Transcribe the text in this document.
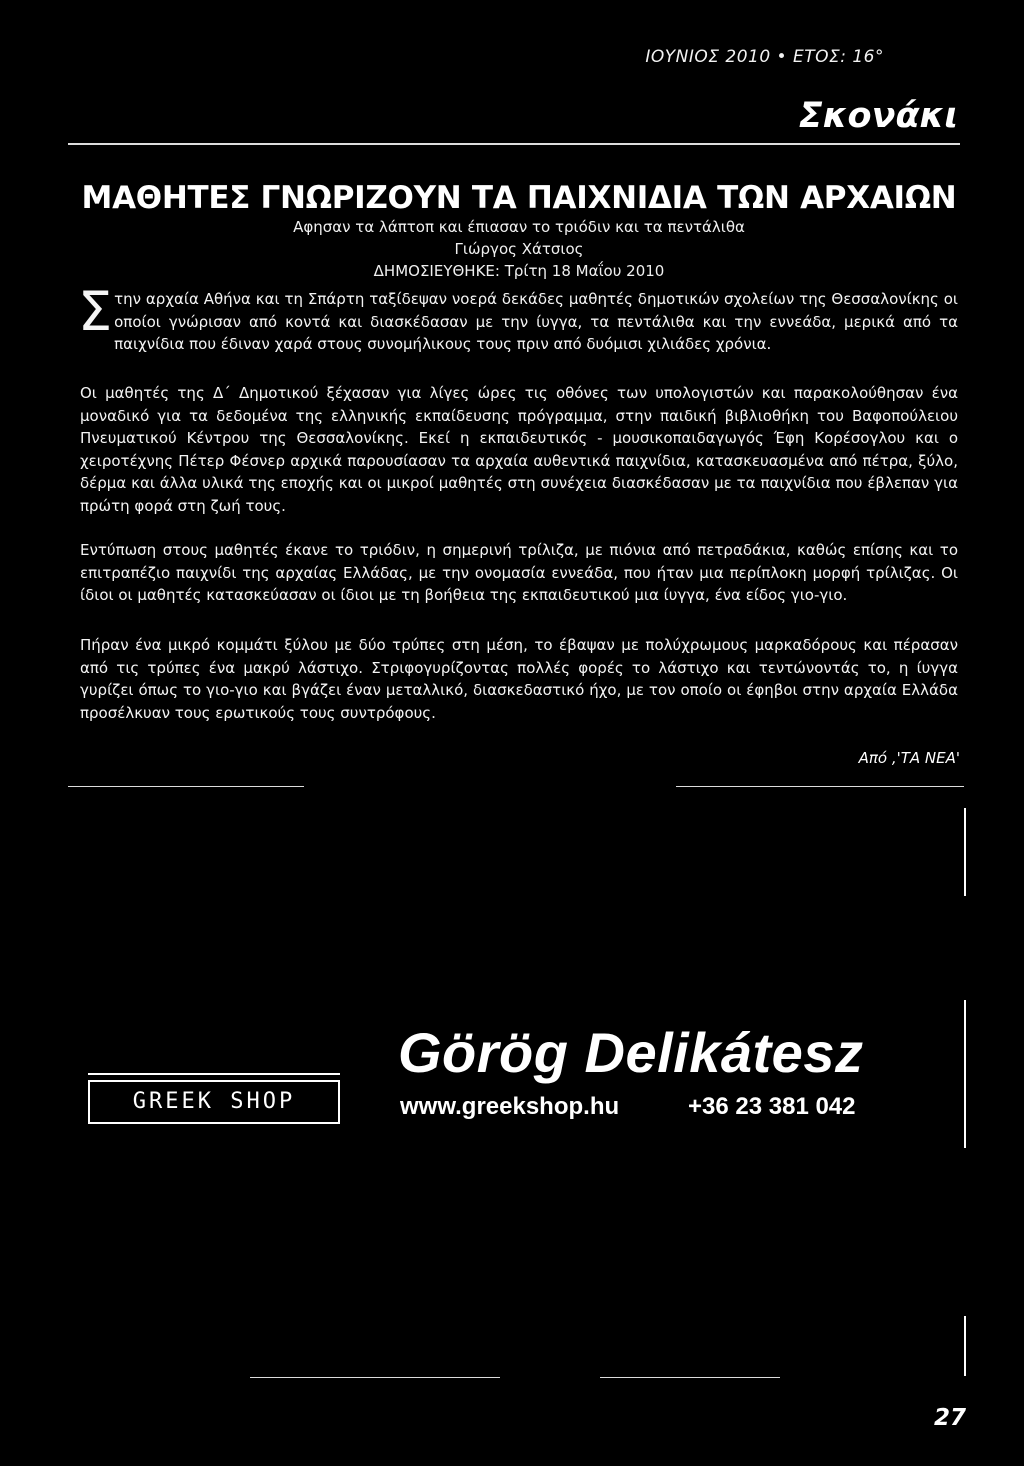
ΙΟΥΝΙΟΣ 2010 • ΕΤΟΣ: 16°
Σκονάκι
ΜΑΘΗΤΕΣ ΓΝΩΡΙΖΟΥΝ ΤΑ ΠΑΙΧΝΙΔΙΑ ΤΩΝ ΑΡΧΑΙΩΝ
Αφησαν τα λάπτοπ και έπιασαν το τριόδιν και τα πεντάλιθα
Γιώργος Χάτσιος
ΔΗΜΟΣΙΕΥΘΗΚΕ: Τρίτη 18 Μαΐου 2010
Στην αρχαία Αθήνα και τη Σπάρτη ταξίδεψαν νοερά δεκάδες μαθητές δημοτικών σχολείων της Θεσσαλονίκης οι οποίοι γνώρισαν από κοντά και διασκέδασαν με την ίυγγα, τα πεντάλιθα και την εννεάδα, μερικά από τα παιχνίδια που έδιναν χαρά στους συνομήλικους τους πριν από δυόμισι χιλιάδες χρόνια.
Οι μαθητές της Δ΄ Δημοτικού ξέχασαν για λίγες ώρες τις οθόνες των υπολογιστών και παρακολούθησαν ένα μοναδικό για τα δεδομένα της ελληνικής εκπαίδευσης πρόγραμμα, στην παιδική βιβλιοθήκη του Βαφοπούλειου Πνευματικού Κέντρου της Θεσσαλονίκης. Εκεί η εκπαιδευτικός - μουσικοπαιδαγωγός Έφη Κορέσογλου και ο χειροτέχνης Πέτερ Φέσνερ αρχικά παρουσίασαν τα αρχαία αυθεντικά παιχνίδια, κατασκευασμένα από πέτρα, ξύλο, δέρμα και άλλα υλικά της εποχής και οι μικροί μαθητές στη συνέχεια διασκέδασαν με τα παιχνίδια που έβλεπαν για πρώτη φορά στη ζωή τους.
Εντύπωση στους μαθητές έκανε το τριόδιν, η σημερινή τρίλιζα, με πιόνια από πετραδάκια, καθώς επίσης και το επιτραπέζιο παιχνίδι της αρχαίας Ελλάδας, με την ονομασία εννεάδα, που ήταν μια περίπλοκη μορφή τρίλιζας. Οι ίδιοι οι μαθητές κατασκεύασαν οι ίδιοι με τη βοήθεια της εκπαιδευτικού μια ίυγγα, ένα είδος γιο-γιο.
Πήραν ένα μικρό κομμάτι ξύλου με δύο τρύπες στη μέση, το έβαψαν με πολύχρωμους μαρκαδόρους και πέρασαν από τις τρύπες ένα μακρύ λάστιχο. Στριφογυρίζοντας πολλές φορές το λάστιχο και τεντώνοντάς το, η ίυγγα γυρίζει όπως το γιο-γιο και βγάζει έναν μεταλλικό, διασκεδαστικό ήχο, με τον οποίο οι έφηβοι στην αρχαία Ελλάδα προσέλκυαν τους ερωτικούς τους συντρόφους.
Από ,'ΤΑ ΝΕΑ'
GREEK SHOP
Görög Delikátesz
www.greekshop.hu	+36 23 381 042
27
